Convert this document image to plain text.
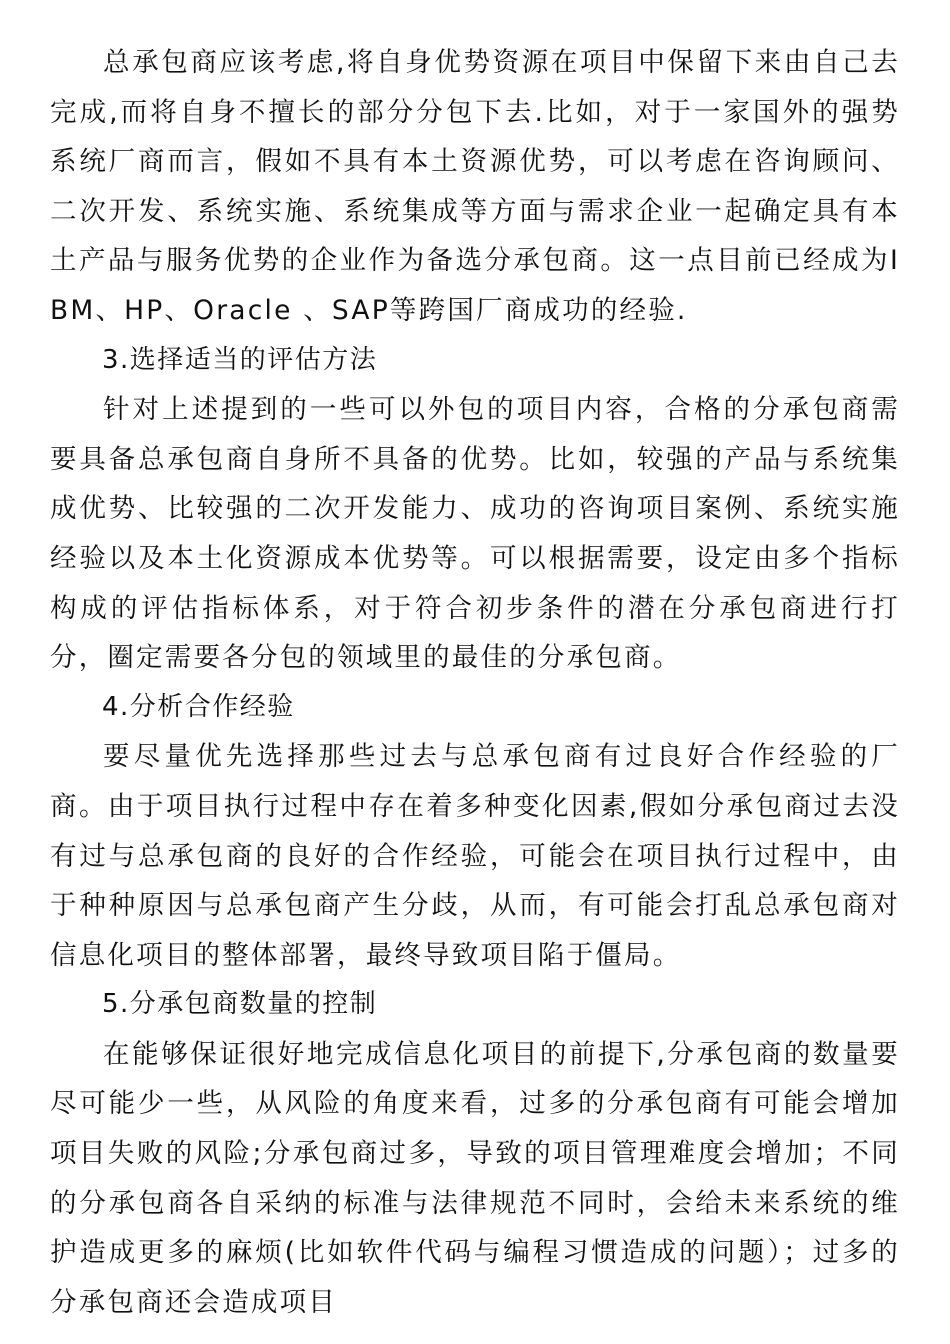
总承包商应该考虑,将自身优势资源在项目中保留下来由自己去完成,而将自身不擅长的部分分包下去.比如，对于一家国外的强势系统厂商而言，假如不具有本土资源优势，可以考虑在咨询顾问、二次开发、系统实施、系统集成等方面与需求企业一起确定具有本土产品与服务优势的企业作为备选分承包商。这一点目前已经成为IBM、HP、Oracle 、SAP等跨国厂商成功的经验.

3.选择适当的评估方法

针对上述提到的一些可以外包的项目内容，合格的分承包商需要具备总承包商自身所不具备的优势。比如，较强的产品与系统集成优势、比较强的二次开发能力、成功的咨询项目案例、系统实施经验以及本土化资源成本优势等。可以根据需要，设定由多个指标构成的评估指标体系，对于符合初步条件的潜在分承包商进行打分，圈定需要各分包的领域里的最佳的分承包商。

4.分析合作经验

要尽量优先选择那些过去与总承包商有过良好合作经验的厂商。由于项目执行过程中存在着多种变化因素,假如分承包商过去没有过与总承包商的良好的合作经验，可能会在项目执行过程中，由于种种原因与总承包商产生分歧，从而，有可能会打乱总承包商对信息化项目的整体部署，最终导致项目陷于僵局。

5.分承包商数量的控制

在能够保证很好地完成信息化项目的前提下,分承包商的数量要尽可能少一些，从风险的角度来看，过多的分承包商有可能会增加项目失败的风险;分承包商过多，导致的项目管理难度会增加；不同的分承包商各自采纳的标准与法律规范不同时，会给未来系统的维护造成更多的麻烦(比如软件代码与编程习惯造成的问题）；过多的分承包商还会造成项目
